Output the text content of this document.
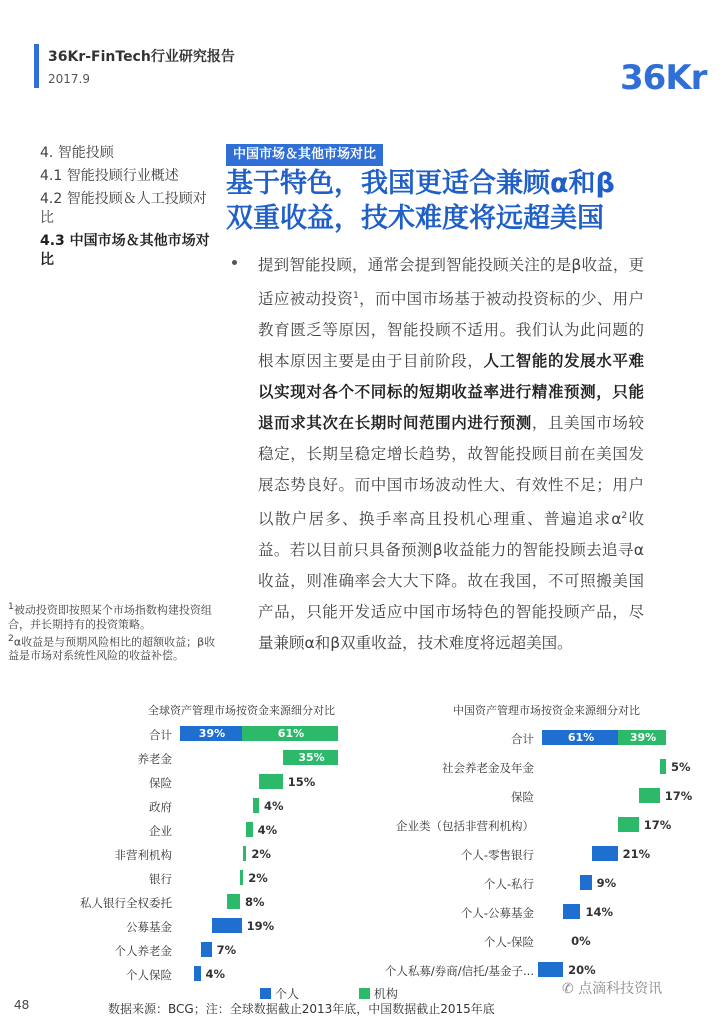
36Kr-FinTech行业研究报告
2017.9	36Kr
4. 智能投顾
4.1 智能投顾行业概述
4.2 智能投顾＆人工投顾对比
4.3 中国市场＆其他市场对比
中国市场＆其他市场对比
基于特色，我国更适合兼顾α和β
双重收益，技术难度将远超美国
提到智能投顾，通常会提到智能投顾关注的是β收益，更适应被动投资$^1$，而中国市场基于被动投资标的少、用户教育匮乏等原因，智能投顾不适用。我们认为此问题的根本原因主要是由于目前阶段，人工智能的发展水平难以实现对各个不同标的短期收益率进行精准预测，只能退而求其次在长期时间范围内进行预测，且美国市场较稳定，长期呈稳定增长趋势，故智能投顾目前在美国发展态势良好。而中国市场波动性大、有效性不足；用户以散户居多、换手率高且投机心理重、普遍追求$\alpha^2$收益。若以目前只具备预测β收益能力的智能投顾去追寻α收益，则准确率会大大下降。故在我国，不可照搬美国产品，只能开发适应中国市场特色的智能投顾产品，尽量兼顾α和β双重收益，技术难度将远超美国。
$^1$被动投资即按照某个市场指数构建投资组合，并长期持有的投资策略。
$^2$α收益是与预期风险相比的超额收益；β收益是市场对系统性风险的收益补偿。
全球资产管理市场按资金来源细分对比
合计 39%	61%
养老金	35%
保险	15%
政府	4%
企业	4%
非营利机构	2%
银行	2%
私人银行全权委托	8%
公募基金	19%
个人养老金	7%
个人保险	4%
中国资产管理市场按资金来源细分对比
合计	61%	39%
社会养老金及年金	5%
保险	17%
企业类（包括非营利机构）	17%
个人-零售银行	21%
个人-私行	9%
个人-公募基金	14%
个人-保险	0%
个人私募/券商/信托/基金子...	20%
个人	机构
数据来源：BCG；注：全球数据截止2013年底，中国数据截止2015年底
48
✆ 点滴科技资讯
